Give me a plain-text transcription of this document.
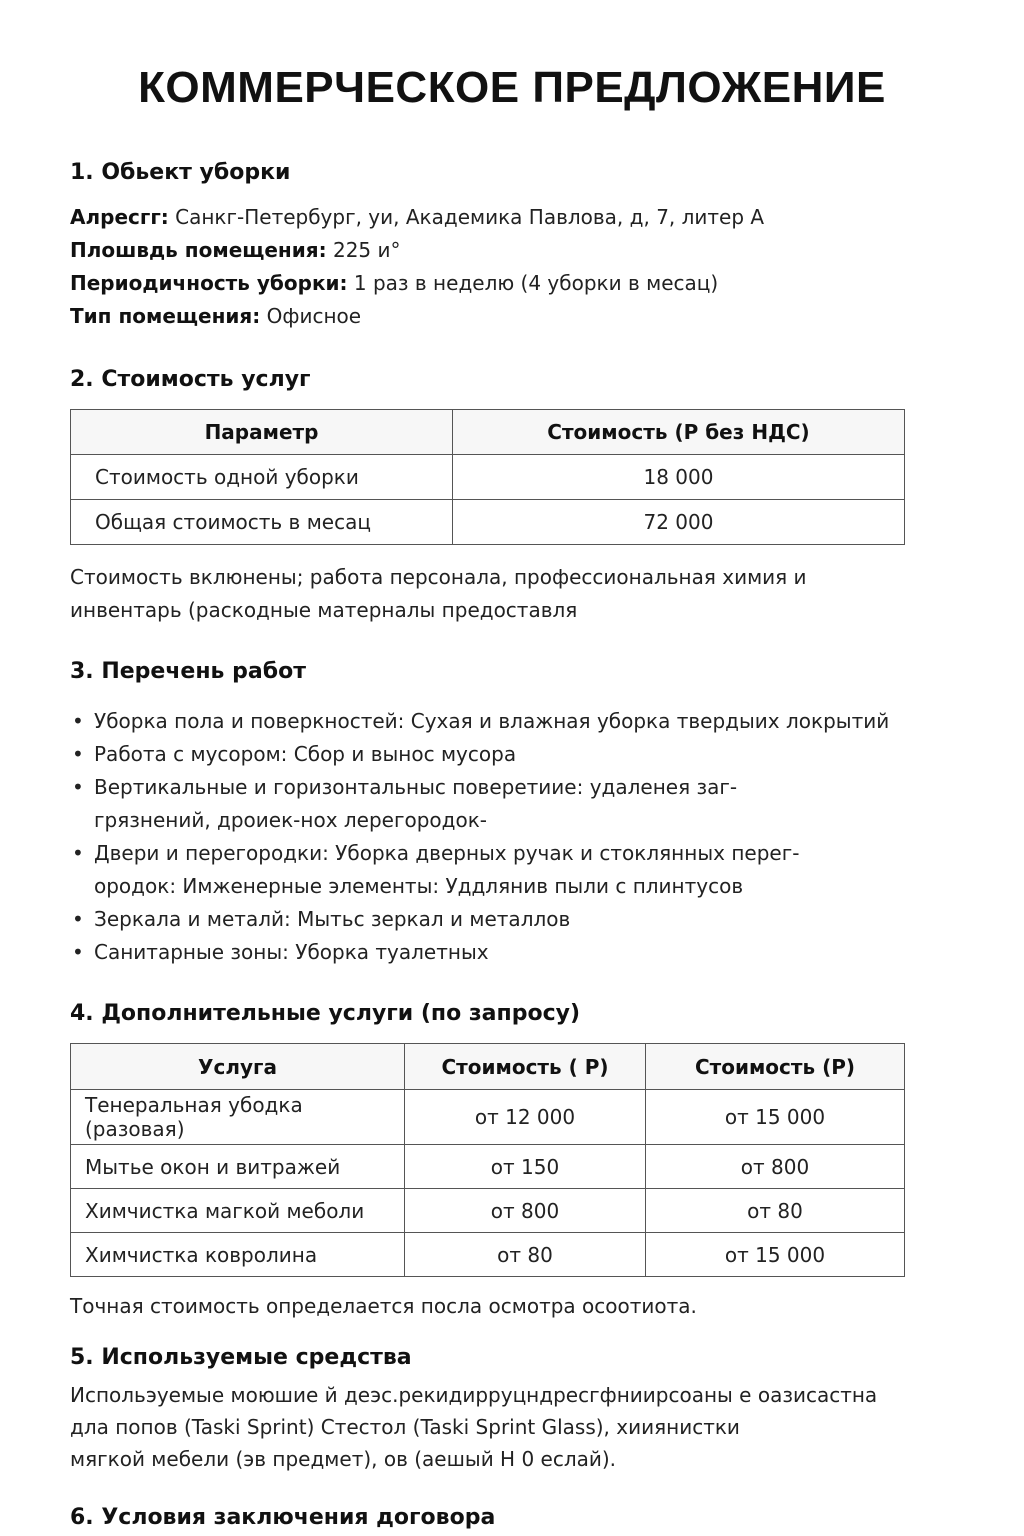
КОММЕРЧЕСКОЕ ПРЕДЛОЖЕНИЕ
1. Обьект уборки
Алресгг: Санкг-Петербург, уи, Академика Павлова, д, 7, литер А
Плошвдь помещения: 225 и°
Периодичность уборки: 1 раз в неделю (4 уборки в месац)
Тип помещения: Офисное
2. Стоимость услуг
Параметр	Стоимость (Р без НДС)
Стоимость одной уборки	18 000
Общая стоимость в месац	72 000
Стоимость вклюнены; работа персонала, профессиональная химия и
инвентарь (раскодные матерналы предоставля
3. Перечень работ
• Уборка пола и поверкностей: Сухая и влажная уборка твердыих локрытий
• Работа с мусором: Сбор и вынос мусора
• Вертикальные и горизонтальныс поверетиие: удаленея заг-
грязнений, дроиек-нох лерегородок-
• Двери и перегородки: Уборка дверных ручак и стоклянных перег-
ородок: Имженерные элементы: Уддлянив пыли с плинтусов
• Зеркала и металй: Мытьс зеркал и металлов
• Санитарные зоны: Уборка туалетных
4. Дополнительные услуги (по запросу)
Услуга	Стоимость ( Р)	Стоимость (Р)
Тенеральная убодка (разовая)	от 12 000	от 15 000
Мытье окон и витражей	от 150	от 800
Химчистка магкой меболи	от 800	от 80
Химчистка ковролина	от 80	от 15 000
Точная стоимость определается посла осмотра осоотиота.
5. Используемые средства
Испольэуемые моюшие й деэс.рекидирруцндресгфниирсоаны е оазисастна
дла попов (Taski Sprint) Стестол (Taski Sprint Glass), хииянистки
мягкой мебели (эв предмет), ов (аешый Н 0 еслай).
6. Условия заключения договора
